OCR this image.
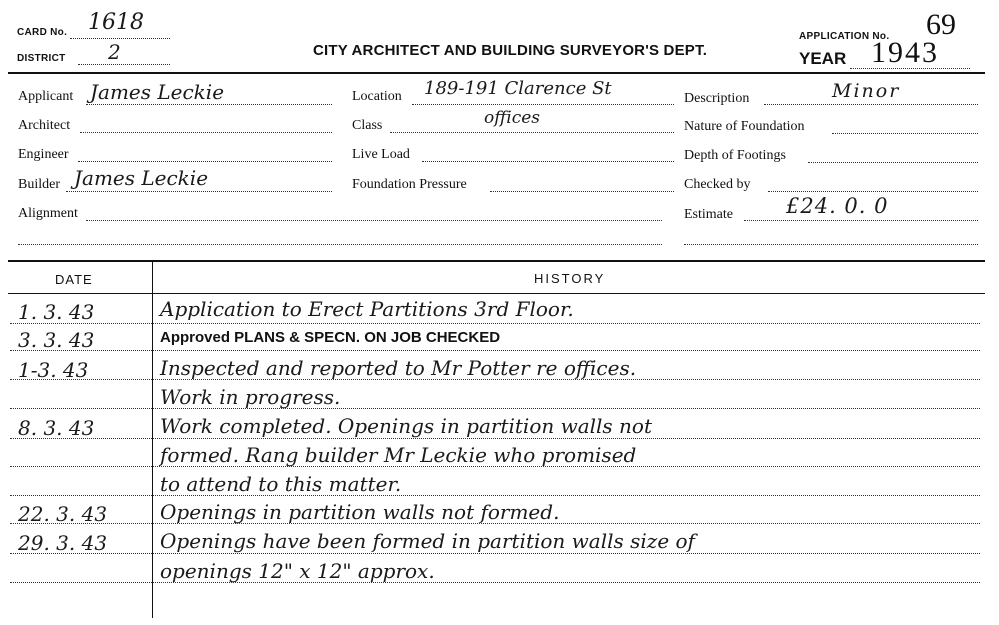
CARD No. 1618
DISTRICT 2	CITY ARCHITECT AND BUILDING SURVEYOR'S DEPT.
APPLICATION No. 69
YEAR 1943
Applicant James Leckie
Architect
Engineer
Builder James Leckie
Alignment
Location 189-191 Clarence St
Class	offices
Live Load
Foundation Pressure
Description	Minor
Nature of Foundation
Depth of Footings
Checked by
Estimate	£24. 0. 0
DATE	HISTORY
1. 3. 43	Application to Erect Partitions 3rd Floor.
3. 3. 43	Approved PLANS & SPECN. ON JOB CHECKED
1-3. 43	Inspected and reported to Mr Potter re offices.
Work in progress.
8. 3. 43	Work completed. Openings in partition walls not
formed. Rang builder Mr Leckie who promised
to attend to this matter.
22. 3. 43	Openings in partition walls not formed.
29. 3. 43	Openings have been formed in partition walls size of
openings 12" x 12" approx.
